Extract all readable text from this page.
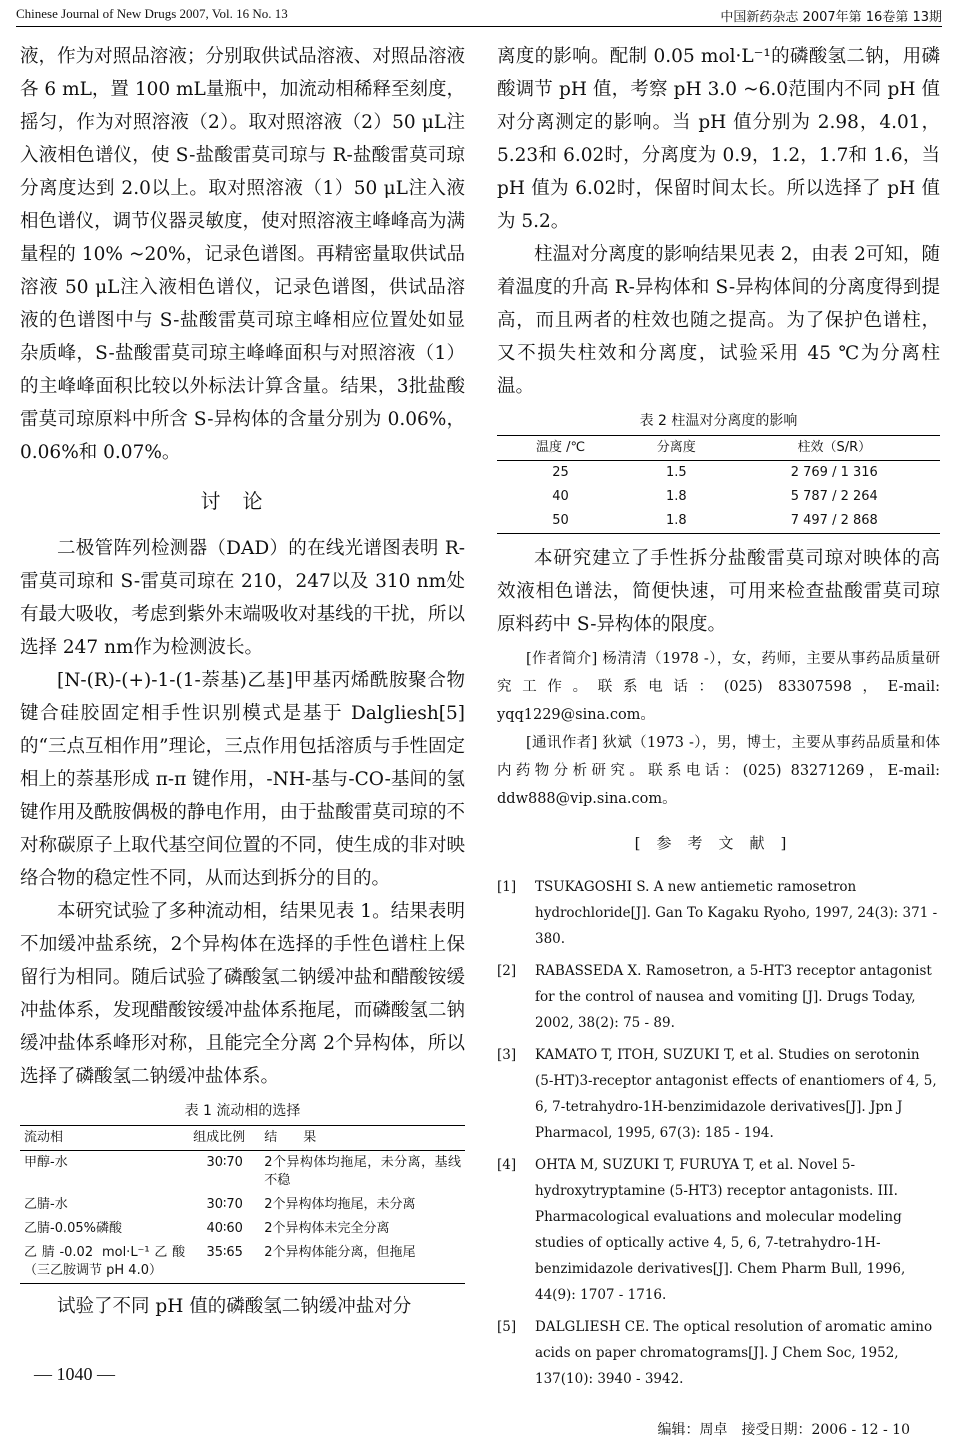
Chinese Journal of New Drugs 2007, Vol. 16 No. 13	中国新药杂志 2007年第 16卷第 13期

液，作为对照品溶液；分别取供试品溶液、对照品溶液各 6 mL，置 100 mL量瓶中，加流动相稀释至刻度，摇匀，作为对照溶液（2）。取对照溶液（2）50 μL注入液相色谱仪，使 S-盐酸雷莫司琼与 R-盐酸雷莫司琼分离度达到 2.0以上。取对照溶液（1）50 μL注入液相色谱仪，调节仪器灵敏度，使对照溶液主峰峰高为满量程的 10% ~20%，记录色谱图。再精密量取供试品溶液 50 μL注入液相色谱仪，记录色谱图，供试品溶液的色谱图中与 S-盐酸雷莫司琼主峰相应位置处如显杂质峰，S-盐酸雷莫司琼主峰峰面积与对照溶液（1）的主峰峰面积比较以外标法计算含量。结果，3批盐酸雷莫司琼原料中所含 S-异构体的含量分别为 0.06%，0.06%和 0.07%。

讨论

二极管阵列检测器（DAD）的在线光谱图表明 R-雷莫司琼和 S-雷莫司琼在 210，247以及 310 nm处有最大吸收，考虑到紫外末端吸收对基线的干扰，所以选择 247 nm作为检测波长。

[N-(R)-(+)-1-(1-萘基)乙基]甲基丙烯酰胺聚合物键合硅胶固定相手性识别模式是基于 Dalgliesh[5]的“三点互相作用”理论，三点作用包括溶质与手性固定相上的萘基形成 π-π 键作用，-NH-基与-CO-基间的氢键作用及酰胺偶极的静电作用，由于盐酸雷莫司琼的不对称碳原子上取代基空间位置的不同，使生成的非对映络合物的稳定性不同，从而达到拆分的目的。

本研究试验了多种流动相，结果见表 1。结果表明不加缓冲盐系统，2个异构体在选择的手性色谱柱上保留行为相同。随后试验了磷酸氢二钠缓冲盐和醋酸铵缓冲盐体系，发现醋酸铵缓冲盐体系拖尾，而磷酸氢二钠缓冲盐体系峰形对称，且能完全分离 2个异构体，所以选择了磷酸氢二钠缓冲盐体系。

表 1 流动相的选择
流动相	组成比例	结　　果
甲醇-水	30∶70	2个异构体均拖尾，未分离，基线不稳
乙腈-水	30∶70	2个异构体均拖尾，未分离
乙腈-0.05%磷酸	40∶60	2个异构体未完全分离
乙腈-0.02 mol·L⁻¹乙酸（三乙胺调节 pH 4.0）	35∶65	2个异构体能分离，但拖尾

试验了不同 pH 值的磷酸氢二钠缓冲盐对分

离度的影响。配制 0.05 mol·L⁻¹的磷酸氢二钠，用磷酸调节 pH 值，考察 pH 3.0 ~6.0范围内不同 pH 值对分离测定的影响。当 pH 值分别为 2.98，4.01，5.23和 6.02时，分离度为 0.9，1.2，1.7和 1.6，当 pH 值为 6.02时，保留时间太长。所以选择了 pH 值为 5.2。

柱温对分离度的影响结果见表 2，由表 2可知，随着温度的升高 R-异构体和 S-异构体间的分离度得到提高，而且两者的柱效也随之提高。为了保护色谱柱，又不损失柱效和分离度，试验采用 45 ℃为分离柱温。

表 2 柱温对分离度的影响
温度 /℃	分离度	柱效（S/R）
25	1.5	2 769 / 1 316
40	1.8	5 787 / 2 264
50	1.8	7 497 / 2 868

本研究建立了手性拆分盐酸雷莫司琼对映体的高效液相色谱法，简便快速，可用来检查盐酸雷莫司琼原料药中 S-异构体的限度。

[作者简介] 杨清清（1978 -），女，药师，主要从事药品质量研究工作。联系电话：(025) 83307598，E-mail: yqq1229@sina.com。

[通讯作者] 狄斌（1973 -），男，博士，主要从事药品质量和体内药物分析研究。联系电话：(025) 83271269，E-mail: ddw888@vip.sina.com。

[参考文献]
[1] TSUKAGOSHI S. A new antiemetic ramosetron hydrochloride[J]. Gan To Kagaku Ryoho, 1997, 24(3): 371 - 380.
[2] RABASSEDA X. Ramosetron, a 5-HT3 receptor antagonist for the control of nausea and vomiting [J]. Drugs Today, 2002, 38(2): 75 - 89.
[3] KAMATO T, ITOH, SUZUKI T, et al. Studies on serotonin (5-HT)3-receptor antagonist effects of enantiomers of 4, 5, 6, 7-tetrahydro-1H-benzimidazole derivatives[J]. Jpn J Pharmacol, 1995, 67(3): 185 - 194.
[4] OHTA M, SUZUKI T, FURUYA T, et al. Novel 5-hydroxytryptamine (5-HT3) receptor antagonists. III. Pharmacological evaluations and molecular modeling studies of optically active 4, 5, 6, 7-tetrahydro-1H-benzimidazole derivatives[J]. Chem Pharm Bull, 1996, 44(9): 1707 - 1716.
[5] DALGLIESH CE. The optical resolution of aromatic amino acids on paper chromatograms[J]. J Chem Soc, 1952, 137(10): 3940 - 3942.
编辑：周卓　接受日期：2006 - 12 - 10
— 1040 —
